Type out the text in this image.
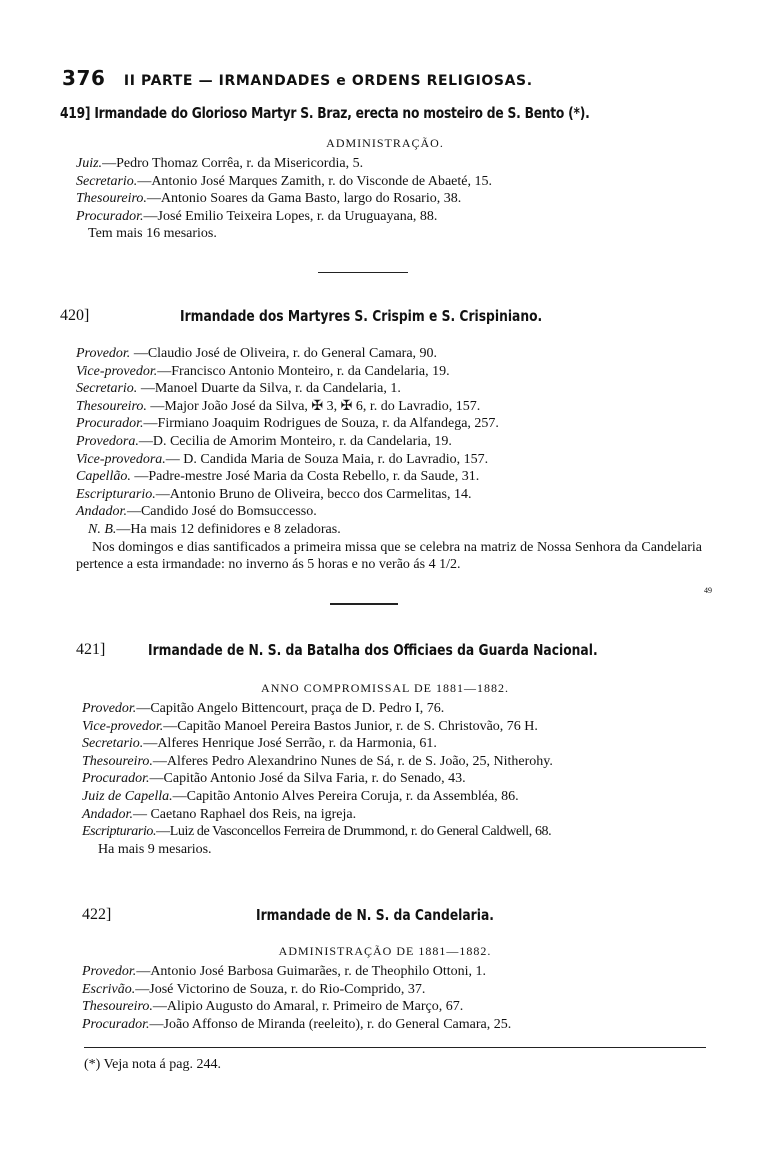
376 II PARTE — IRMANDADES e ORDENS RELIGIOSAS.
419] Irmandade do Glorioso Martyr S. Braz, erecta no mosteiro de S. Bento (*).
ADMINISTRAÇÃO.
Juiz.—Pedro Thomaz Corrêa, r. da Misericordia, 5.
Secretario.—Antonio José Marques Zamith, r. do Visconde de Abaeté, 15.
Thesoureiro.—Antonio Soares da Gama Basto, largo do Rosario, 38.
Procurador.—José Emilio Teixeira Lopes, r. da Uruguayana, 88.
Tem mais 16 mesarios.
420]	Irmandade dos Martyres S. Crispim e S. Crispiniano.
Provedor. —Claudio José de Oliveira, r. do General Camara, 90.
Vice-provedor.—Francisco Antonio Monteiro, r. da Candelaria, 19.
Secretario. —Manoel Duarte da Silva, r. da Candelaria, 1.
Thesoureiro. —Major João José da Silva, ✠ 3, ✠ 6, r. do Lavradio, 157.
Procurador.—Firmiano Joaquim Rodrigues de Souza, r. da Alfandega, 257.
Provedora.—D. Cecilia de Amorim Monteiro, r. da Candelaria, 19.
Vice-provedora.— D. Candida Maria de Souza Maia, r. do Lavradio, 157.
Capellão. —Padre-mestre José Maria da Costa Rebello, r. da Saude, 31.
Escripturario.—Antonio Bruno de Oliveira, becco dos Carmelitas, 14.
Andador.—Candido José do Bomsuccesso.
N. B.—Ha mais 12 definidores e 8 zeladoras.
Nos domingos e dias santificados a primeira missa que se celebra na matriz de Nossa Senhora da Candelaria pertence a esta irmandade: no inverno ás 5 horas e no verão ás 4 1/2.
49
421]	Irmandade de N. S. da Batalha dos Officiaes da Guarda Nacional.
ANNO COMPROMISSAL DE 1881—1882.
Provedor.—Capitão Angelo Bittencourt, praça de D. Pedro I, 76.
Vice-provedor.—Capitão Manoel Pereira Bastos Junior, r. de S. Christovão, 76 H.
Secretario.—Alferes Henrique José Serrão, r. da Harmonia, 61.
Thesoureiro.—Alferes Pedro Alexandrino Nunes de Sá, r. de S. João, 25, Nitherohy.
Procurador.—Capitão Antonio José da Silva Faria, r. do Senado, 43.
Juiz de Capella.—Capitão Antonio Alves Pereira Coruja, r. da Assembléa, 86.
Andador.— Caetano Raphael dos Reis, na igreja.
Escripturario.—Luiz de Vasconcellos Ferreira de Drummond, r. do General Caldwell, 68.
Ha mais 9 mesarios.
422]	Irmandade de N. S. da Candelaria.
ADMINISTRAÇÃO DE 1881—1882.
Provedor.—Antonio José Barbosa Guimarães, r. de Theophilo Ottoni, 1.
Escrivão.—José Victorino de Souza, r. do Rio-Comprido, 37.
Thesoureiro.—Alipio Augusto do Amaral, r. Primeiro de Março, 67.
Procurador.—João Affonso de Miranda (reeleito), r. do General Camara, 25.
(*) Veja nota á pag. 244.
